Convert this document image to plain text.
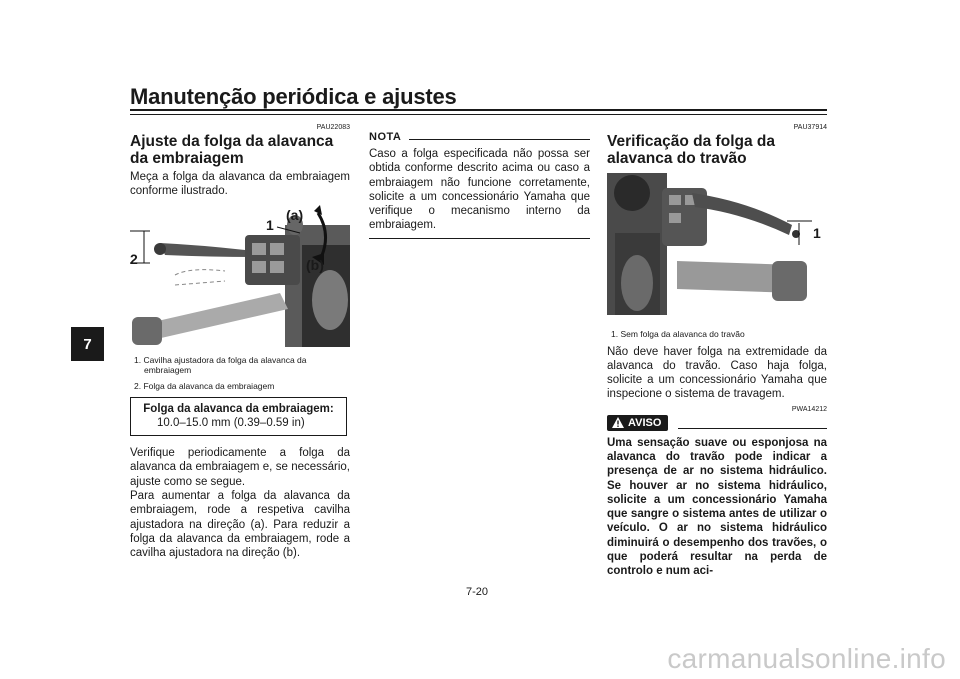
Manutenção periódica e ajustes
7
PAU22083
Ajuste da folga da alavanca da embraiagem

Meça a folga da alavanca da embraiagem conforme ilustrado.

1
2
(a)
(b)
1. Cavilha ajustadora da folga da alavanca da embraiagem
2. Folga da alavanca da embraiagem
Folga da alavanca da embraiagem:
10.0–15.0 mm (0.39–0.59 in)

Verifique periodicamente a folga da alavanca da embraiagem e, se necessário, ajuste como se segue.

Para aumentar a folga da alavanca da embraiagem, rode a respetiva cavilha ajustadora na direção (a). Para reduzir a folga da alavanca da embraiagem, rode a cavilha ajustadora na direção (b).

NOTA

Caso a folga especificada não possa ser obtida conforme descrito acima ou caso a embraiagem não funcione corretamente, solicite a um concessionário Yamaha que verifique o mecanismo interno da embraiagem.

PAU37914
Verificação da folga da alavanca do travão
1
1. Sem folga da alavanca do travão

Não deve haver folga na extremidade da alavanca do travão. Caso haja folga, solicite a um concessionário Yamaha que inspecione o sistema de travagem.

PWA14212
AVISO
Uma sensação suave ou esponjosa na alavanca do travão pode indicar a presença de ar no sistema hidráulico. Se houver ar no sistema hidráulico, solicite a um concessionário Yamaha que sangre o sistema antes de utilizar o veículo. O ar no sistema hidráulico diminuirá o desempenho dos travões, o que poderá resultar na perda de controlo e num aci-
7-20
carmanualsonline.info
